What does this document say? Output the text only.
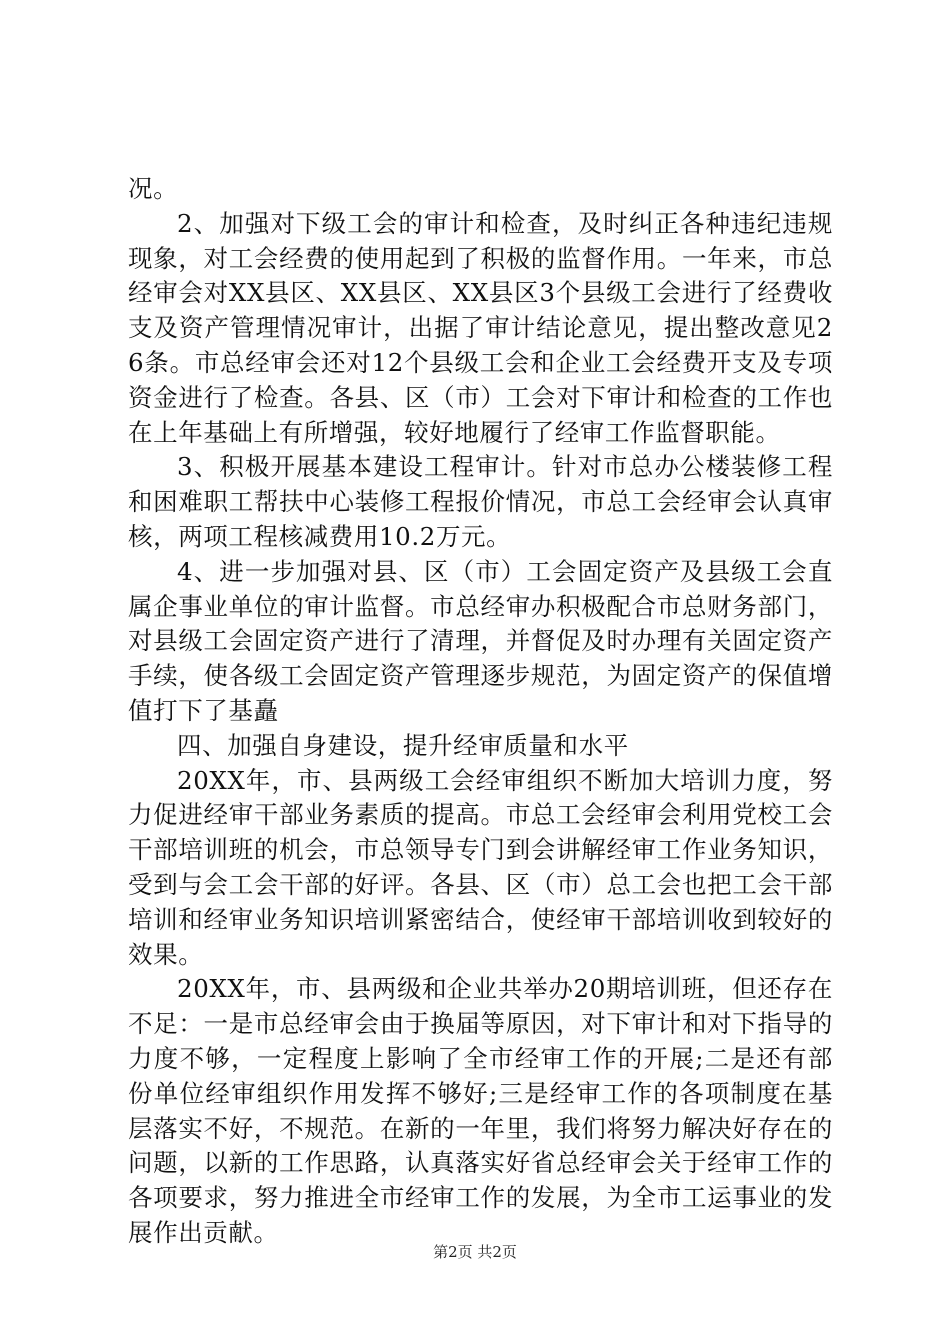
况。

2、加强对下级工会的审计和检查，及时纠正各种违纪违规现象，对工会经费的使用起到了积极的监督作用。一年来，市总经审会对XX县区、XX县区、XX县区3个县级工会进行了经费收支及资产管理情况审计，出据了审计结论意见，提出整改意见26条。市总经审会还对12个县级工会和企业工会经费开支及专项资金进行了检查。各县、区（市）工会对下审计和检查的工作也在上年基础上有所增强，较好地履行了经审工作监督职能。

3、积极开展基本建设工程审计。针对市总办公楼装修工程和困难职工帮扶中心装修工程报价情况，市总工会经审会认真审核，两项工程核减费用10.2万元。

4、进一步加强对县、区（市）工会固定资产及县级工会直属企事业单位的审计监督。市总经审办积极配合市总财务部门，对县级工会固定资产进行了清理，并督促及时办理有关固定资产手续，使各级工会固定资产管理逐步规范，为固定资产的保值增值打下了基矗

四、加强自身建设，提升经审质量和水平

20XX年，市、县两级工会经审组织不断加大培训力度，努力促进经审干部业务素质的提高。市总工会经审会利用党校工会干部培训班的机会，市总领导专门到会讲解经审工作业务知识，受到与会工会干部的好评。各县、区（市）总工会也把工会干部培训和经审业务知识培训紧密结合，使经审干部培训收到较好的效果。

20XX年，市、县两级和企业共举办20期培训班，但还存在不足：一是市总经审会由于换届等原因，对下审计和对下指导的力度不够，一定程度上影响了全市经审工作的开展;二是还有部份单位经审组织作用发挥不够好;三是经审工作的各项制度在基层落实不好，不规范。在新的一年里，我们将努力解决好存在的问题，以新的工作思路，认真落实好省总经审会关于经审工作的各项要求，努力推进全市经审工作的发展，为全市工运事业的发展作出贡献。

第2页 共2页
